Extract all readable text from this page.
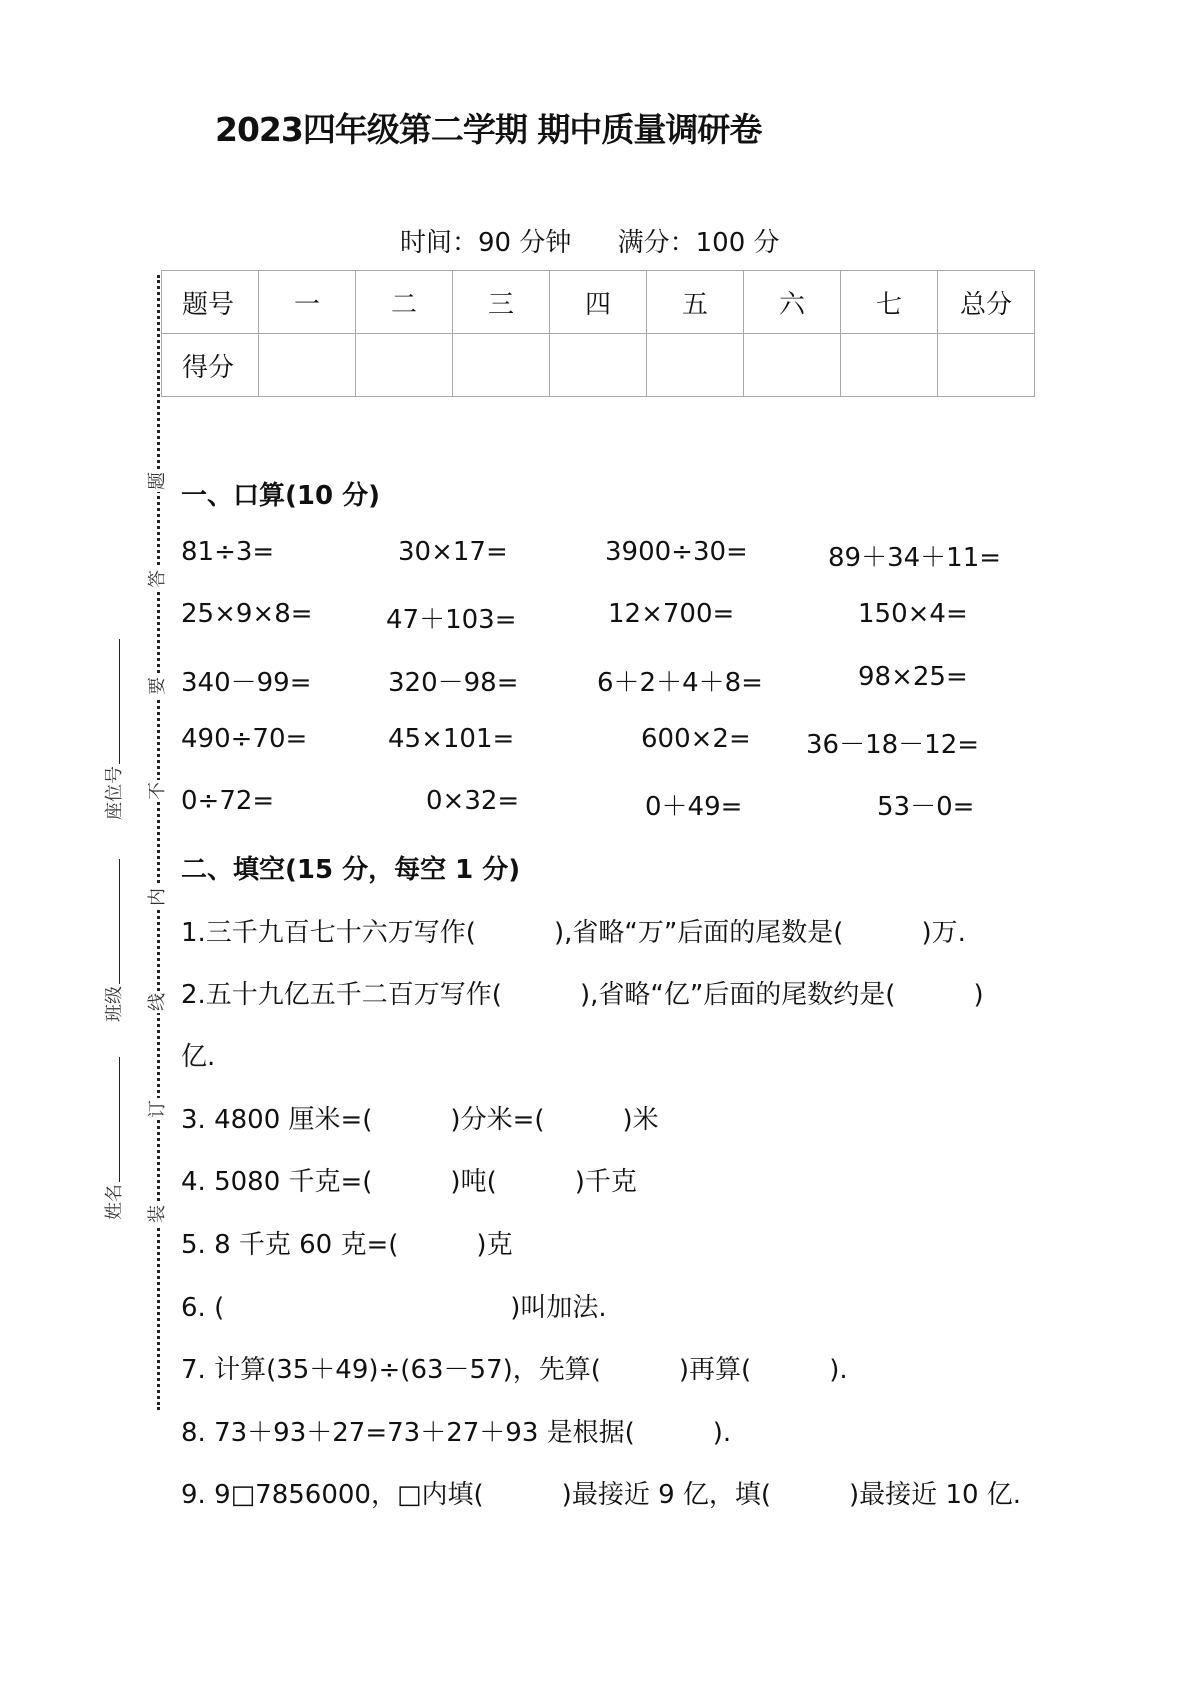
2023四年级第二学期 期中质量调研卷
时间：90 分钟 满分：100 分
题号	一	二	三	四	五	六	七	总分
得分								
题
答
要
不
内
线
订
装
座位号
班级
姓名
一、口算(10 分)
81÷3=	30×17=	3900÷30=	89＋34＋11=
25×9×8=	47＋103=	12×700=	150×4=
340－99=	320－98=	6＋2＋4＋8=	98×25=
490÷70=	45×101=	600×2= 36－18－12=
0÷72=	0×32=	0＋49=	53－0=
二、填空(15 分，每空 1 分)
1.三千九百七十六万写作(　　　),省略“万”后面的尾数是(　　　)万.
2.五十九亿五千二百万写作(　　　),省略“亿”后面的尾数约是(　　　)
亿.
3. 4800 厘米=(　　　)分米=(　　　)米
4. 5080 千克=(　　　)吨(　　　)千克
5. 8 千克 60 克=(　　　)克
6. (　　　　　　　　　　　)叫加法.
7. 计算(35＋49)÷(63－57)，先算(　　　)再算(　　　).
8. 73＋93＋27=73＋27＋93 是根据(　　　).
9. 9□7856000，□内填(　　　)最接近 9 亿，填(　　　)最接近 10 亿.
